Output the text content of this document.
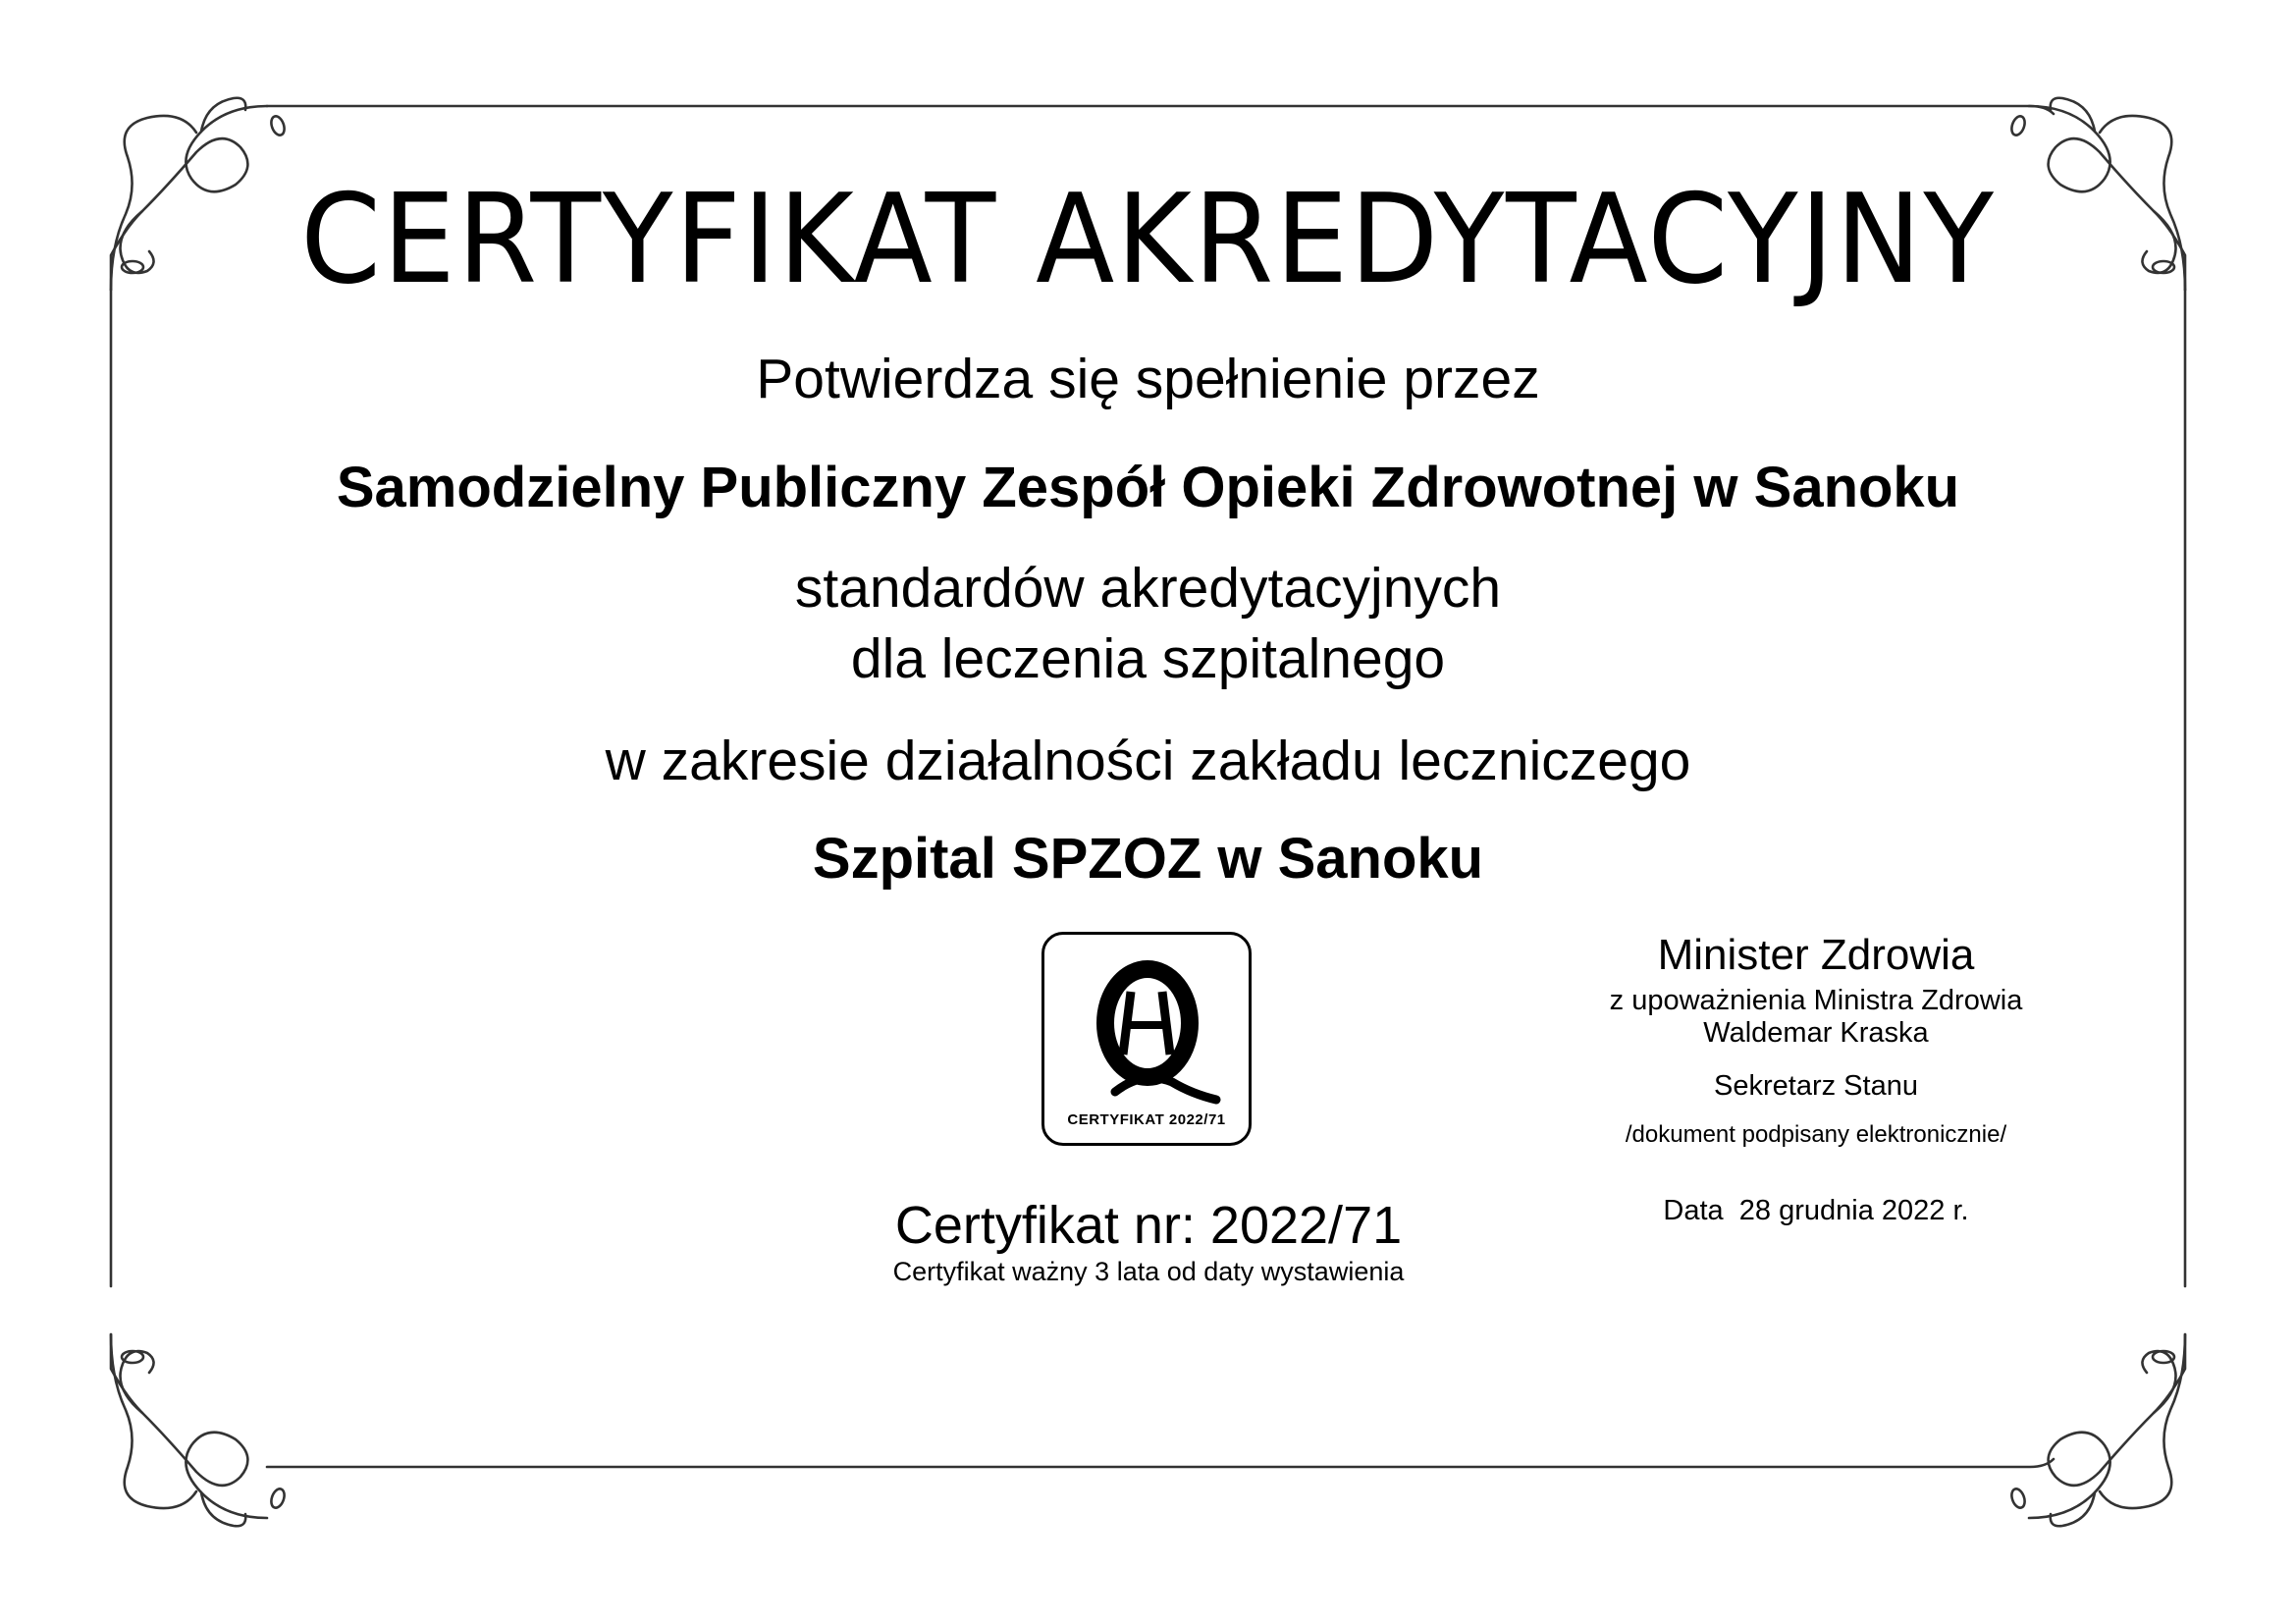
CERTYFIKAT AKREDYTACYJNY
Potwierdza się spełnienie przez
Samodzielny Publiczny Zespół Opieki Zdrowotnej w Sanoku
standardów akredytacyjnych
dla leczenia szpitalnego
w zakresie działalności zakładu leczniczego
Szpital SPZOZ w Sanoku
CERTYFIKAT 2022/71
Certyfikat nr: 2022/71
Certyfikat ważny 3 lata od daty wystawienia
Minister Zdrowia
z upoważnienia Ministra Zdrowia
Waldemar Kraska
Sekretarz Stanu
/dokument podpisany elektronicznie/
Data  28 grudnia 2022 r.
